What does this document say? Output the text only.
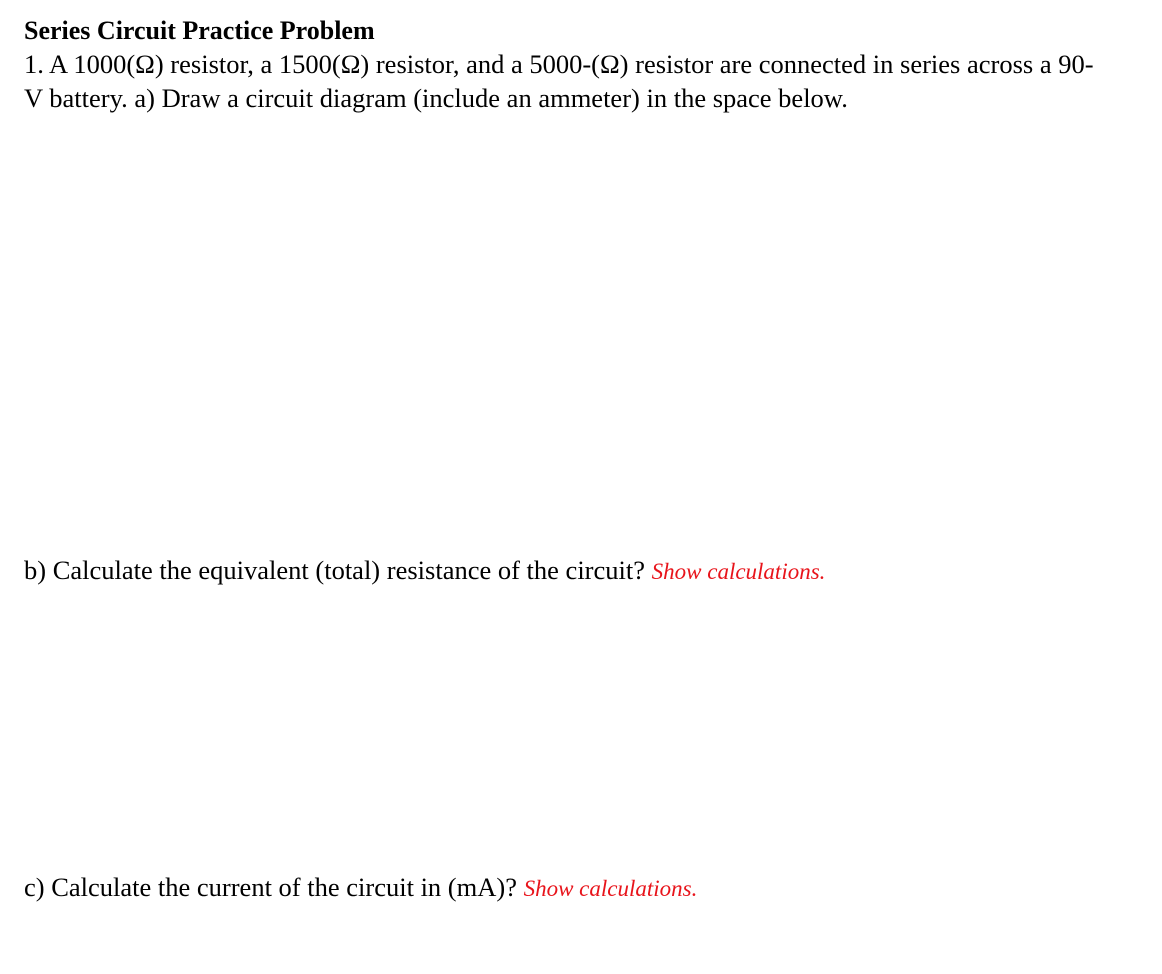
Series Circuit Practice Problem
1. A 1000(Ω) resistor, a 1500(Ω) resistor, and a 5000-(Ω) resistor are connected in series across a 90-
V battery. a) Draw a circuit diagram (include an ammeter) in the space below.
b) Calculate the equivalent (total) resistance of the circuit? Show calculations.
c) Calculate the current of the circuit in (mA)? Show calculations.
